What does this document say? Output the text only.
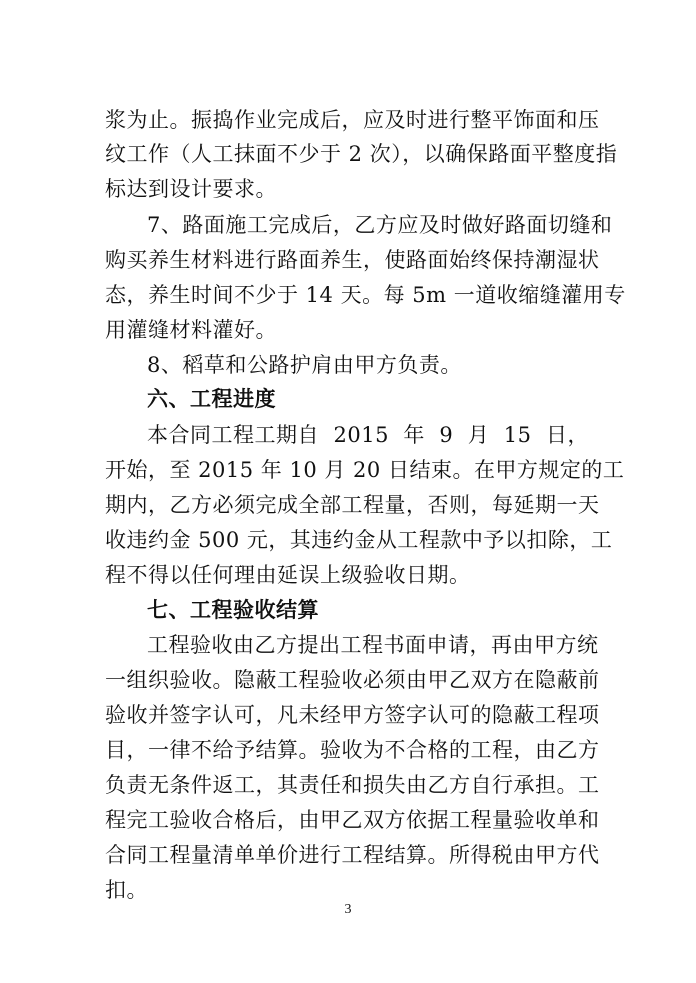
浆为止。振捣作业完成后，应及时进行整平饰面和压
纹工作（人工抹面不少于 2 次），以确保路面平整度指
标达到设计要求。
7、路面施工完成后，乙方应及时做好路面切缝和
购买养生材料进行路面养生，使路面始终保持潮湿状
态，养生时间不少于 14 天。每 5m 一道收缩缝灌用专
用灌缝材料灌好。
8、稻草和公路护肩由甲方负责。
六、工程进度
本合同工程工期自 2015 年 9 月 15 日，
开始，至 2015 年 10 月 20 日结束。在甲方规定的工
期内，乙方必须完成全部工程量，否则，每延期一天
收违约金 500 元，其违约金从工程款中予以扣除，工
程不得以任何理由延误上级验收日期。
七、工程验收结算
工程验收由乙方提出工程书面申请，再由甲方统
一组织验收。隐蔽工程验收必须由甲乙双方在隐蔽前
验收并签字认可，凡未经甲方签字认可的隐蔽工程项
目，一律不给予结算。验收为不合格的工程，由乙方
负责无条件返工，其责任和损失由乙方自行承担。工
程完工验收合格后，由甲乙双方依据工程量验收单和
合同工程量清单单价进行工程结算。所得税由甲方代
扣。
3
